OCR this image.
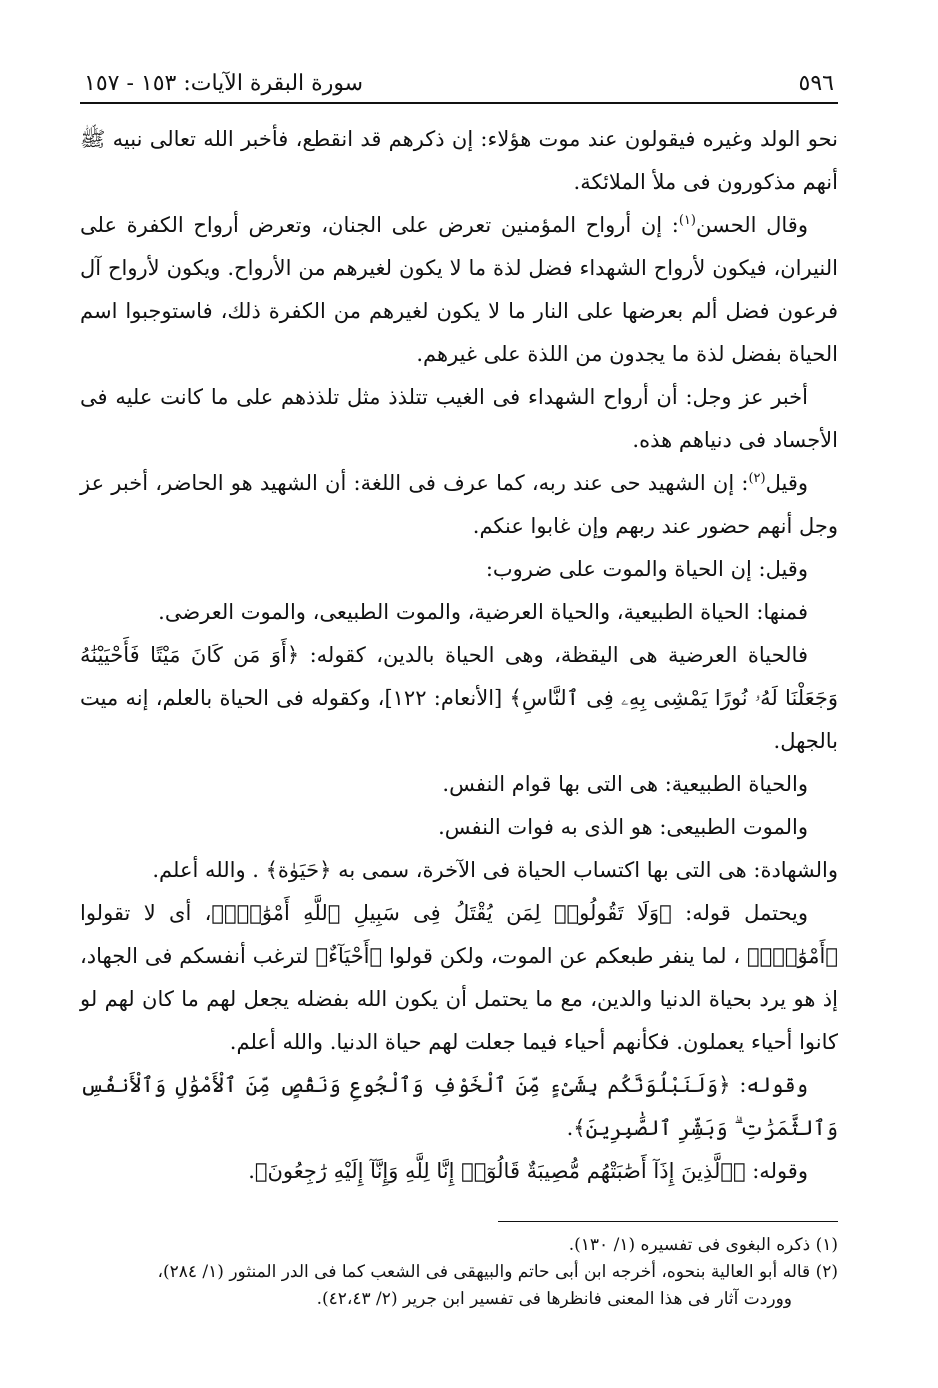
٥٩٦
سورة البقرة الآيات: ١٥٣ - ١٥٧

نحو الولد وغيره فيقولون عند موت هؤلاء: إن ذكرهم قد انقطع، فأخبر الله تعالى نبيه ﷺ أنهم مذكورون فى ملأ الملائكة.

وقال الحسن$^{(١)}$: إن أرواح المؤمنين تعرض على الجنان، وتعرض أرواح الكفرة على النيران، فيكون لأرواح الشهداء فضل لذة ما لا يكون لغيرهم من الأرواح. ويكون لأرواح آل فرعون فضل ألم بعرضها على النار ما لا يكون لغيرهم من الكفرة ذلك، فاستوجبوا اسم الحياة بفضل لذة ما يجدون من اللذة على غيرهم.

أخبر عز وجل: أن أرواح الشهداء فى الغيب تتلذذ مثل تلذذهم على ما كانت عليه فى الأجساد فى دنياهم هذه.

وقيل$^{(٢)}$: إن الشهيد حى عند ربه، كما عرف فى اللغة: أن الشهيد هو الحاضر، أخبر عز وجل أنهم حضور عند ربهم وإن غابوا عنكم.

وقيل: إن الحياة والموت على ضروب:

فمنها: الحياة الطبيعية، والحياة العرضية، والموت الطبيعى، والموت العرضى.

فالحياة العرضية هى اليقظة، وهى الحياة بالدين، كقوله: ﴿أَوَ مَن كَانَ مَيْتًا فَأَحْيَيْنَٰهُ وَجَعَلْنَا لَهُۥ نُورًا يَمْشِى بِهِۦ فِى ٱلنَّاسِ﴾ [الأنعام: ١٢٢]، وكقوله فى الحياة بالعلم، إنه ميت بالجهل.

والحياة الطبيعية: هى التى بها قوام النفس.

والموت الطبيعى: هو الذى به فوات النفس.

والشهادة: هى التى بها اكتساب الحياة فى الآخرة، سمى به ﴿حَيَوٰة﴾ . والله أعلم.

ويحتمل قوله: ﴿وَلَا تَقُولُوا۟ لِمَن يُقْتَلُ فِى سَبِيلِ ٱللَّهِ أَمْوَٰتٌۢ﴾، أى لا تقولوا ﴿أَمْوَٰتٌۢ﴾ ، لما ينفر طبعكم عن الموت، ولكن قولوا ﴿أَحْيَآءٌ﴾ لترغب أنفسكم فى الجهاد، إذ هو يرد بحياة الدنيا والدين، مع ما يحتمل أن يكون الله بفضله يجعل لهم ما كان لهم لو كانوا أحياء يعملون. فكأنهم أحياء فيما جعلت لهم حياة الدنيا. والله أعلم.

وقوله: ﴿وَلَنَبْلُوَنَّكُم بِشَىْءٍ مِّنَ ٱلْخَوْفِ وَٱلْجُوعِ وَنَقْصٍ مِّنَ ٱلْأَمْوَٰلِ وَٱلْأَنفُسِ وَٱلثَّمَرَٰتِ ۗ وَبَشِّرِ ٱلصَّٰبِرِينَ﴾.

وقوله: ﴿ٱلَّذِينَ إِذَآ أَصَٰبَتْهُم مُّصِيبَةٌ قَالُوٓا۟ إِنَّا لِلَّهِ وَإِنَّآ إِلَيْهِ رَٰجِعُونَ﴾.

(١) ذكره البغوى فى تفسيره (١/ ١٣٠).

(٢) قاله أبو العالية بنحوه، أخرجه ابن أبى حاتم والبيهقى فى الشعب كما فى الدر المنثور (١/ ٢٨٤)،

ووردت آثار فى هذا المعنى فانظرها فى تفسير ابن جرير (٢/ ٤٢،٤٣).
